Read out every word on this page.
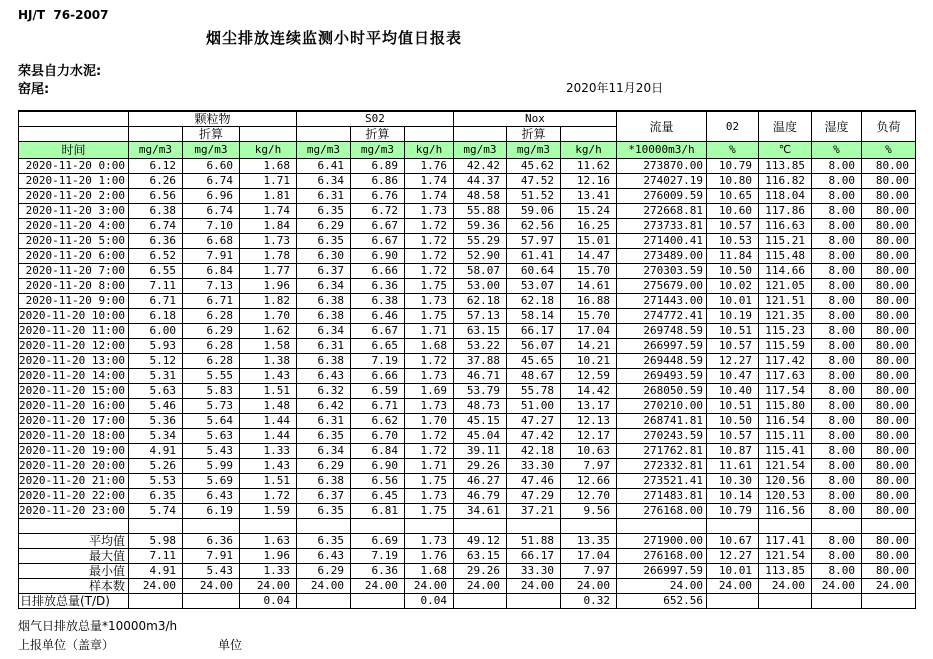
HJ/T  76-2007
烟尘排放连续监测小时平均值日报表
荣县自力水泥:
窑尾:	2020年11月20日
	颗粒物			S02			Nox			流量	02	温度	湿度	负荷
		折算			折算			折算						
时间	mg/m3	mg/m3	kg/h	mg/m3	mg/m3	kg/h	mg/m3	mg/m3	kg/h	*10000m3/h	%	℃	%	%
2020-11-20 0:00	6.12	6.60	1.68	6.41	6.89	1.76	42.42	45.62	11.62	273870.00	10.79	113.85	8.00	80.00
2020-11-20 1:00	6.26	6.74	1.71	6.34	6.86	1.74	44.37	47.52	12.16	274027.19	10.80	116.82	8.00	80.00
2020-11-20 2:00	6.56	6.96	1.81	6.31	6.76	1.74	48.58	51.52	13.41	276009.59	10.65	118.04	8.00	80.00
2020-11-20 3:00	6.38	6.74	1.74	6.35	6.72	1.73	55.88	59.06	15.24	272668.81	10.60	117.86	8.00	80.00
2020-11-20 4:00	6.74	7.10	1.84	6.29	6.67	1.72	59.36	62.56	16.25	273733.81	10.57	116.63	8.00	80.00
2020-11-20 5:00	6.36	6.68	1.73	6.35	6.67	1.72	55.29	57.97	15.01	271400.41	10.53	115.21	8.00	80.00
2020-11-20 6:00	6.52	7.91	1.78	6.30	6.90	1.72	52.90	61.41	14.47	273489.00	11.84	115.48	8.00	80.00
2020-11-20 7:00	6.55	6.84	1.77	6.37	6.66	1.72	58.07	60.64	15.70	270303.59	10.50	114.66	8.00	80.00
2020-11-20 8:00	7.11	7.13	1.96	6.34	6.36	1.75	53.00	53.07	14.61	275679.00	10.02	121.05	8.00	80.00
2020-11-20 9:00	6.71	6.71	1.82	6.38	6.38	1.73	62.18	62.18	16.88	271443.00	10.01	121.51	8.00	80.00
2020-11-20 10:00	6.18	6.28	1.70	6.38	6.46	1.75	57.13	58.14	15.70	274772.41	10.19	121.35	8.00	80.00
2020-11-20 11:00	6.00	6.29	1.62	6.34	6.67	1.71	63.15	66.17	17.04	269748.59	10.51	115.23	8.00	80.00
2020-11-20 12:00	5.93	6.28	1.58	6.31	6.65	1.68	53.22	56.07	14.21	266997.59	10.57	115.59	8.00	80.00
2020-11-20 13:00	5.12	6.28	1.38	6.38	7.19	1.72	37.88	45.65	10.21	269448.59	12.27	117.42	8.00	80.00
2020-11-20 14:00	5.31	5.55	1.43	6.43	6.66	1.73	46.71	48.67	12.59	269493.59	10.47	117.63	8.00	80.00
2020-11-20 15:00	5.63	5.83	1.51	6.32	6.59	1.69	53.79	55.78	14.42	268050.59	10.40	117.54	8.00	80.00
2020-11-20 16:00	5.46	5.73	1.48	6.42	6.71	1.73	48.73	51.00	13.17	270210.00	10.51	115.80	8.00	80.00
2020-11-20 17:00	5.36	5.64	1.44	6.31	6.62	1.70	45.15	47.27	12.13	268741.81	10.50	116.54	8.00	80.00
2020-11-20 18:00	5.34	5.63	1.44	6.35	6.70	1.72	45.04	47.42	12.17	270243.59	10.57	115.11	8.00	80.00
2020-11-20 19:00	4.91	5.43	1.33	6.34	6.84	1.72	39.11	42.18	10.63	271762.81	10.87	115.41	8.00	80.00
2020-11-20 20:00	5.26	5.99	1.43	6.29	6.90	1.71	29.26	33.30	7.97	272332.81	11.61	121.54	8.00	80.00
2020-11-20 21:00	5.53	5.69	1.51	6.38	6.56	1.75	46.27	47.46	12.66	273521.41	10.30	120.56	8.00	80.00
2020-11-20 22:00	6.35	6.43	1.72	6.37	6.45	1.73	46.79	47.29	12.70	271483.81	10.14	120.53	8.00	80.00
2020-11-20 23:00	5.74	6.19	1.59	6.35	6.81	1.75	34.61	37.21	9.56	276168.00	10.79	116.56	8.00	80.00

平均值	5.98	6.36	1.63	6.35	6.69	1.73	49.12	51.88	13.35	271900.00	10.67	117.41	8.00	80.00
最大值	7.11	7.91	1.96	6.43	7.19	1.76	63.15	66.17	17.04	276168.00	12.27	121.54	8.00	80.00
最小值	4.91	5.43	1.33	6.29	6.36	1.68	29.26	33.30	7.97	266997.59	10.01	113.85	8.00	80.00
样本数	24.00	24.00	24.00	24.00	24.00	24.00	24.00	24.00	24.00	24.00	24.00	24.00	24.00	24.00
日排放总量(T/D)			0.04			0.04			0.32	652.56				
烟气日排放总量*10000m3/h
上报单位（盖章）	单位
